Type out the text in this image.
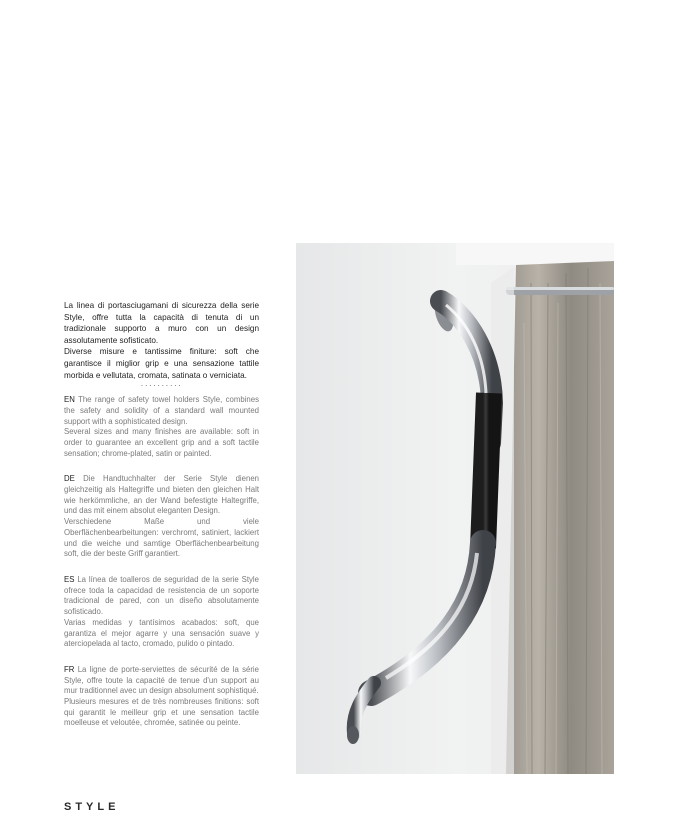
La linea di portasciugamani di sicurezza della serie Style, offre tutta la capacità di tenuta di un tradizionale supporto a muro con un design assolutamente sofisticato.

Diverse misure e tantissime finiture: soft che garantisce il miglior grip e una sensazione tattile morbida e vellutata, cromata, satinata o verniciata.

··········

EN The range of safety towel holders Style, combines the safety and solidity of a standard wall mounted support with a sophisticated design.

Several sizes and many finishes are available: soft in order to guarantee an excellent grip and a soft tactile sensation; chrome-plated, satin or painted.

DE Die Handtuchhalter der Serie Style dienen gleichzeitig als Haltegriffe und bieten den gleichen Halt wie herkömmliche, an der Wand befestigte Haltegriffe, und das mit einem absolut eleganten Design.

Verschiedene Maße und viele Oberflächenbearbeitungen: verchromt, satiniert, lackiert und die weiche und samtige Oberflächenbearbeitung soft, die der beste Griff garantiert.

ES La línea de toalleros de seguridad de la serie Style ofrece toda la capacidad de resistencia de un soporte tradicional de pared, con un diseño absolutamente sofisticado.

Varias medidas y tantísimos acabados: soft, que garantiza el mejor agarre y una sensación suave y aterciopelada al tacto, cromado, pulido o pintado.

FR La ligne de porte-serviettes de sécurité de la série Style, offre toute la capacité de tenue d'un support au mur traditionnel avec un design absolument sophistiqué.

Plusieurs mesures et de très nombreuses finitions: soft qui garantit le meilleur grip et une sensation tactile moelleuse et veloutée, chromée, satinée ou peinte.

STYLE
